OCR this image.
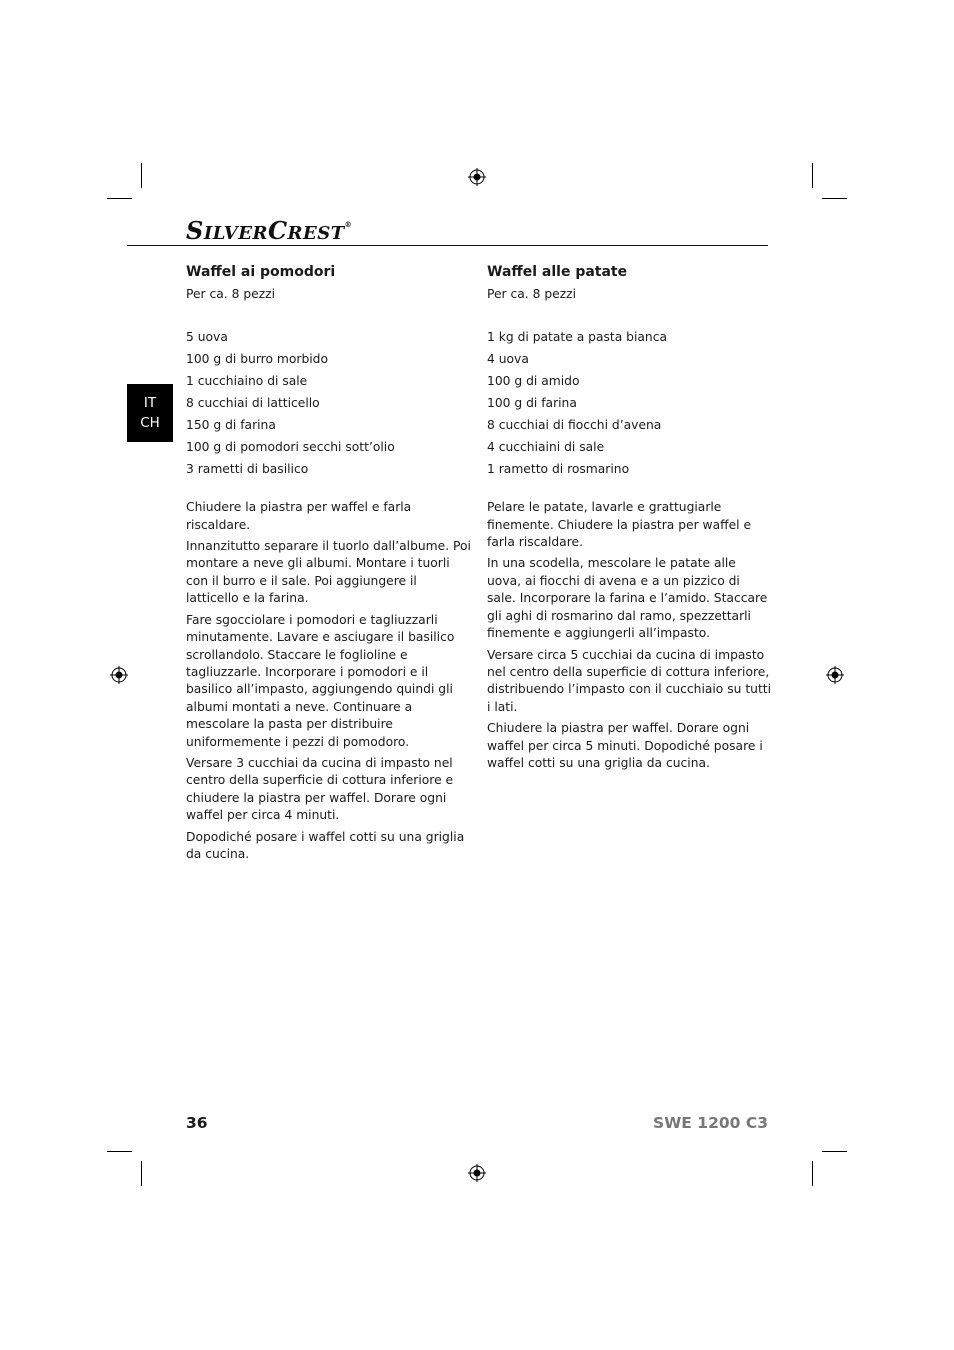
SILVERCREST®
IT
CH
Waffel ai pomodori
Per ca. 8 pezzi
5 uova
100 g di burro morbido
1 cucchiaino di sale
8 cucchiai di latticello
150 g di farina
100 g di pomodori secchi sott’olio
3 rametti di basilico

Chiudere la piastra per waffel e farla riscaldare.

Innanzitutto separare il tuorlo dall’albume. Poi montare a neve gli albumi. Montare i tuorli con il burro e il sale. Poi aggiungere il latticello e la farina.

Fare sgocciolare i pomodori e tagliuzzarli minutamente. Lavare e asciugare il basilico scrollandolo. Staccare le foglioline e tagliuzzarle. Incorporare i pomodori e il basilico all’impasto, aggiungendo quindi gli albumi montati a neve. Continuare a mescolare la pasta per distribuire uniformemente i pezzi di pomodoro.

Versare 3 cucchiai da cucina di impasto nel centro della superficie di cottura inferiore e chiudere la piastra per waffel. Dorare ogni waffel per circa 4 minuti.

Dopodiché posare i waffel cotti su una griglia da cucina.

Waffel alle patate
Per ca. 8 pezzi
1 kg di patate a pasta bianca
4 uova
100 g di amido
100 g di farina
8 cucchiai di fiocchi d’avena
4 cucchiaini di sale
1 rametto di rosmarino

Pelare le patate, lavarle e grattugiarle finemente. Chiudere la piastra per waffel e farla riscaldare.

In una scodella, mescolare le patate alle uova, ai fiocchi di avena e a un pizzico di sale. Incorporare la farina e l’amido. Staccare gli aghi di rosmarino dal ramo, spezzettarli finemente e aggiungerli all’impasto.

Versare circa 5 cucchiai da cucina di impasto nel centro della superficie di cottura inferiore, distribuendo l’impasto con il cucchiaio su tutti i lati.

Chiudere la piastra per waffel. Dorare ogni waffel per circa 5 minuti. Dopodiché posare i waffel cotti su una griglia da cucina.

36	SWE 1200 C3
